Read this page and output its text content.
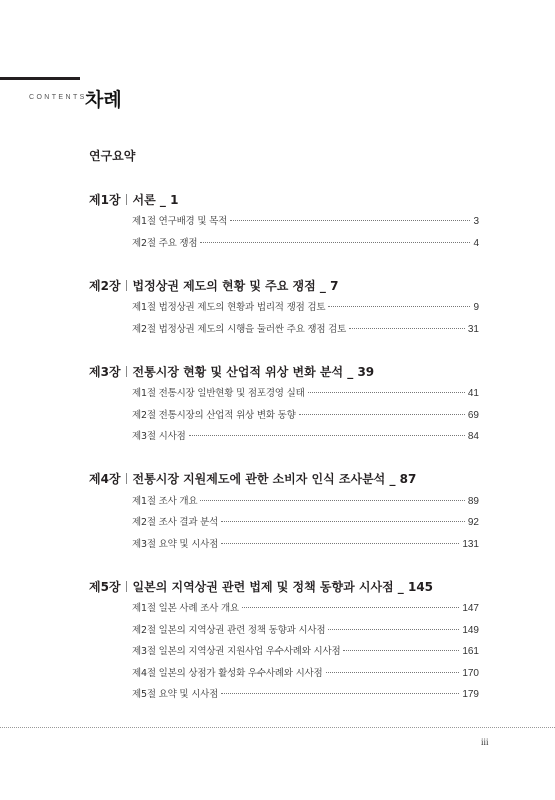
CONTENTS
차례
연구요약
제1장 서론 _ 1
제1절 연구배경 및 목적	3
제2절 주요 쟁점	4
제2장 법정상권 제도의 현황 및 주요 쟁점 _ 7
제1절 법정상권 제도의 현황과 법리적 쟁점 검토	9
제2절 법정상권 제도의 시행을 둘러싼 주요 쟁점 검토	31
제3장 전통시장 현황 및 산업적 위상 변화 분석 _ 39
제1절 전통시장 일반현황 및 점포경영 실태	41
제2절 전통시장의 산업적 위상 변화 동향	69
제3절 시사점	84
제4장 전통시장 지원제도에 관한 소비자 인식 조사분석 _ 87
제1절 조사 개요	89
제2절 조사 결과 분석	92
제3절 요약 및 시사점	131
제5장 일본의 지역상권 관련 법제 및 정책 동향과 시사점 _ 145
제1절 일본 사례 조사 개요	147
제2절 일본의 지역상권 관련 정책 동향과 시사점	149
제3절 일본의 지역상권 지원사업 우수사례와 시사점	161
제4절 일본의 상점가 활성화 우수사례와 시사점	170
제5절 요약 및 시사점	179
iii
